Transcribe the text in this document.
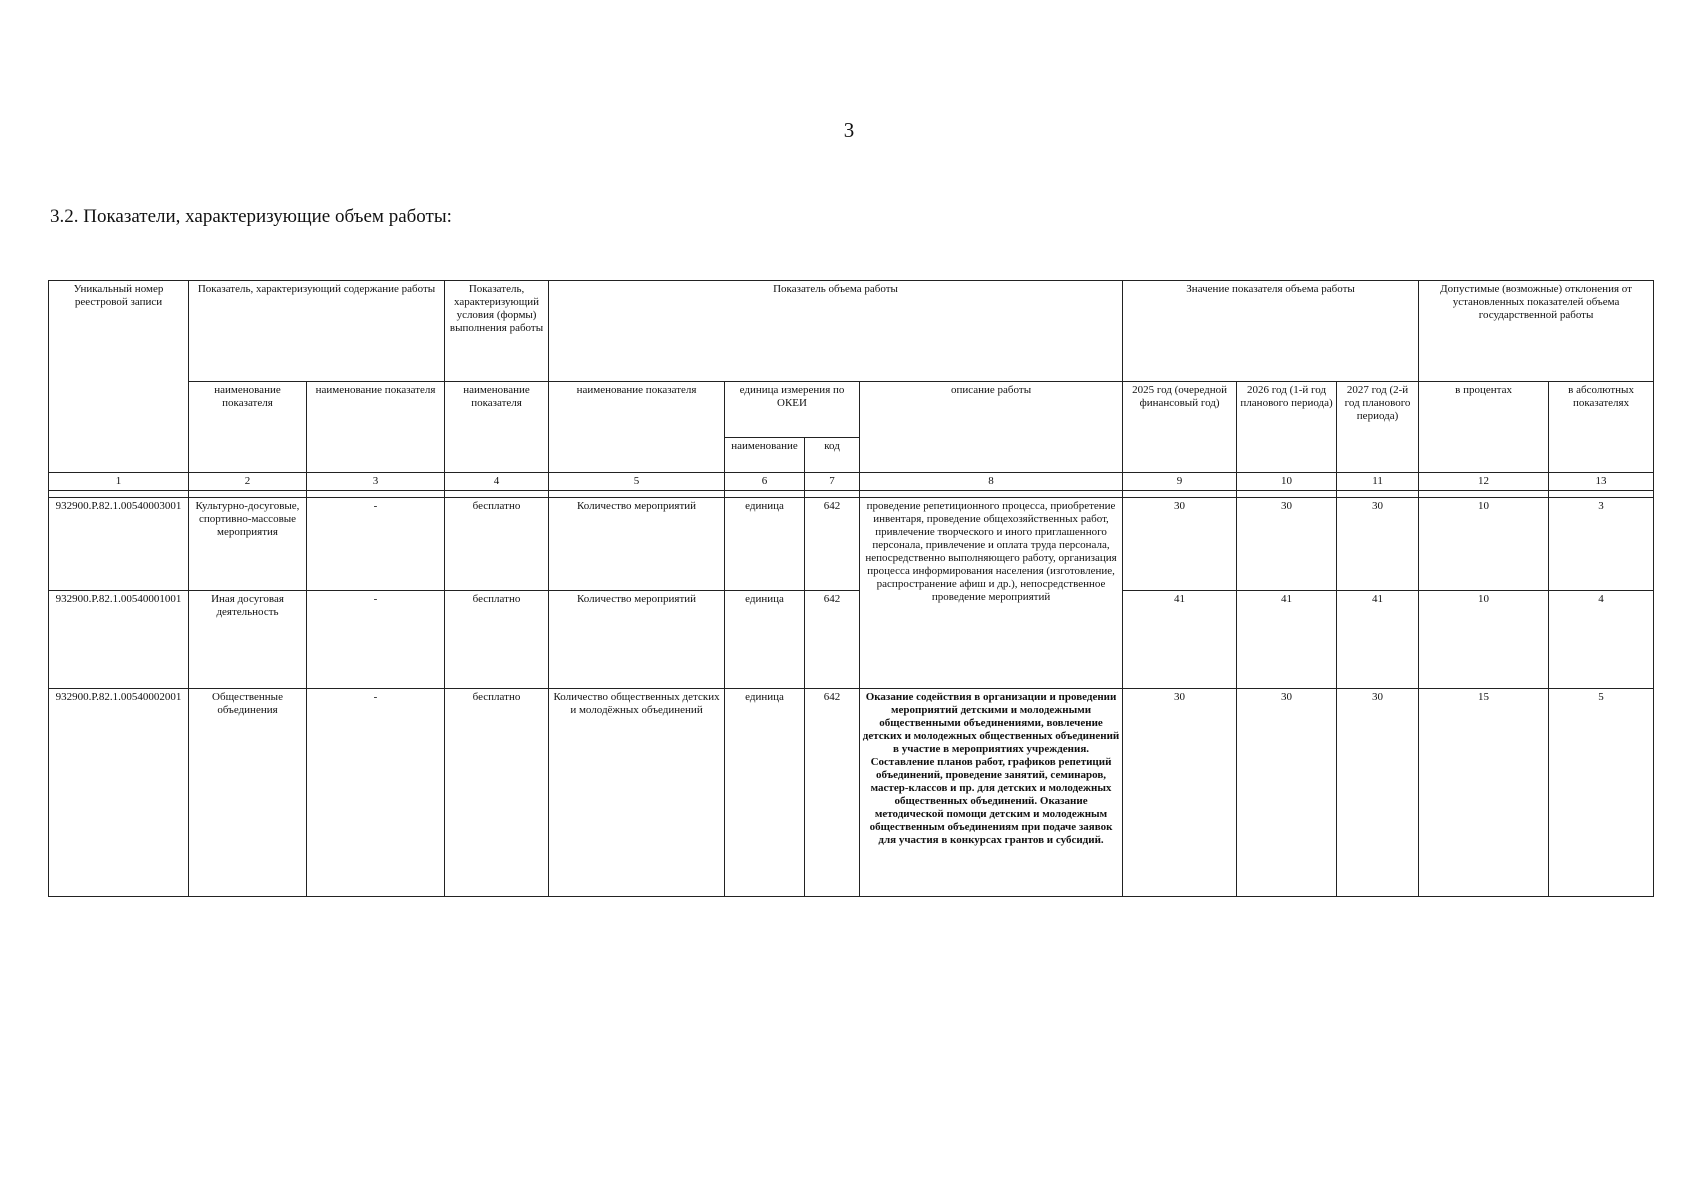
3
3.2. Показатели, характеризующие объем работы:
Уникальный номер реестровой записи	Показатель, характеризующий содержание работы		Показатель, характеризующий условия (формы) выполнения работы	Показатель объема работы				Значение показателя объема работы			Допустимые (возможные) отклонения от установленных показателей объема государственной работы	
	наименование показателя	наименование показателя	наименование показателя	наименование показателя	единица измерения по ОКЕИ		описание работы	2025 год (очередной финансовый год)	2026 год (1-й год планового периода)	2027 год (2-й год планового периода)	в процентах	в абсолютных показателях
					наименование	код						
1	2	3	4	5	6	7	8	9	10	11	12	13

932900.Р.82.1.00540003001	Культурно-досуговые, спортивно-массовые мероприятия	-	бесплатно	Количество мероприятий	единица	642	проведение репетиционного процесса, приобретение инвентаря, проведение общехозяйственных работ, привлечение творческого и иного приглашенного персонала, привлечение и оплата труда персонала, непосредственно выполняющего работу, организация процесса информирования населения (изготовление, распространение афиш и др.), непосредственное проведение мероприятий	30	30	30	10	3
932900.Р.82.1.00540001001	Иная досуговая деятельность	-	бесплатно	Количество мероприятий	единица	642		41	41	41	10	4
932900.Р.82.1.00540002001	Общественные объединения	-	бесплатно	Количество общественных детских и молодёжных объединений	единица	642	Оказание содействия в организации и проведении мероприятий детскими и молодежными общественными объединениями, вовлечение детских и молодежных общественных объединений в участие в мероприятиях учреждения. Составление планов работ, графиков репетиций объединений, проведение занятий, семинаров, мастер-классов и пр. для детских и молодежных общественных объединений. Оказание методической помощи детским и молодежным общественным объединениям при подаче заявок для участия в конкурсах грантов и субсидий.	30	30	30	15	5
